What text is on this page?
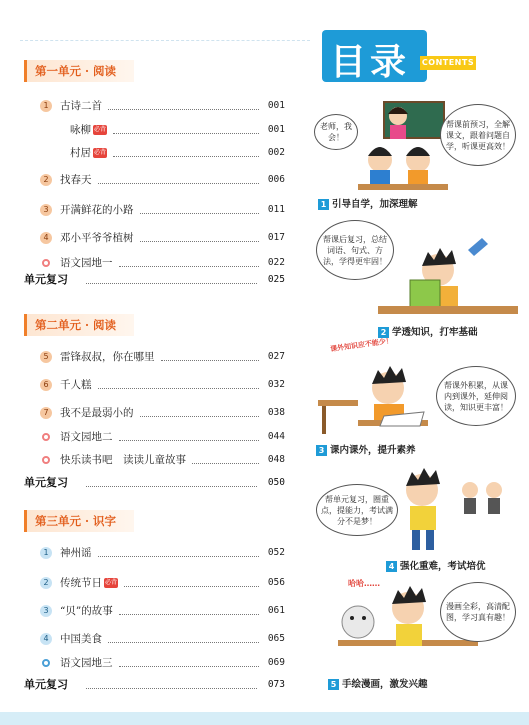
目录 CONTENTS
第一单元 · 阅读
1	古诗二首	001
咏柳 必背	001
村居 必背	002
2	找春天	006
3	开满鲜花的小路	011
4	邓小平爷爷植树	017
语文园地一	022
单元复习	025
第二单元 · 阅读
5	雷锋叔叔，你在哪里	027
6	千人糕	032
7	我不是最弱小的	038
语文园地二	044
快乐读书吧　读读儿童故事	048
单元复习	050
第三单元 · 识字
1	神州谣	052
2	传统节日 必背	056
3	“贝”的故事	061
4	中国美食	065
语文园地三	069
单元复习	073
老师，我会！
帮课前预习，全解课文，跟着问题自学，听课更高效！
1 引导自学，加深理解
帮课后复习，总结词语、句式、方法，学得更牢固！
2 学透知识，打牢基础
课外知识应不能少！
帮课外积累，从课内到课外，延伸阅读，知识更丰富！
3 课内课外，提升素养
帮单元复习，圈重点，提能力，考试满分不是梦！
4 强化重难，考试培优
哈哈……
漫画全彩，高清配图，学习真有趣！
5 手绘漫画，激发兴趣
